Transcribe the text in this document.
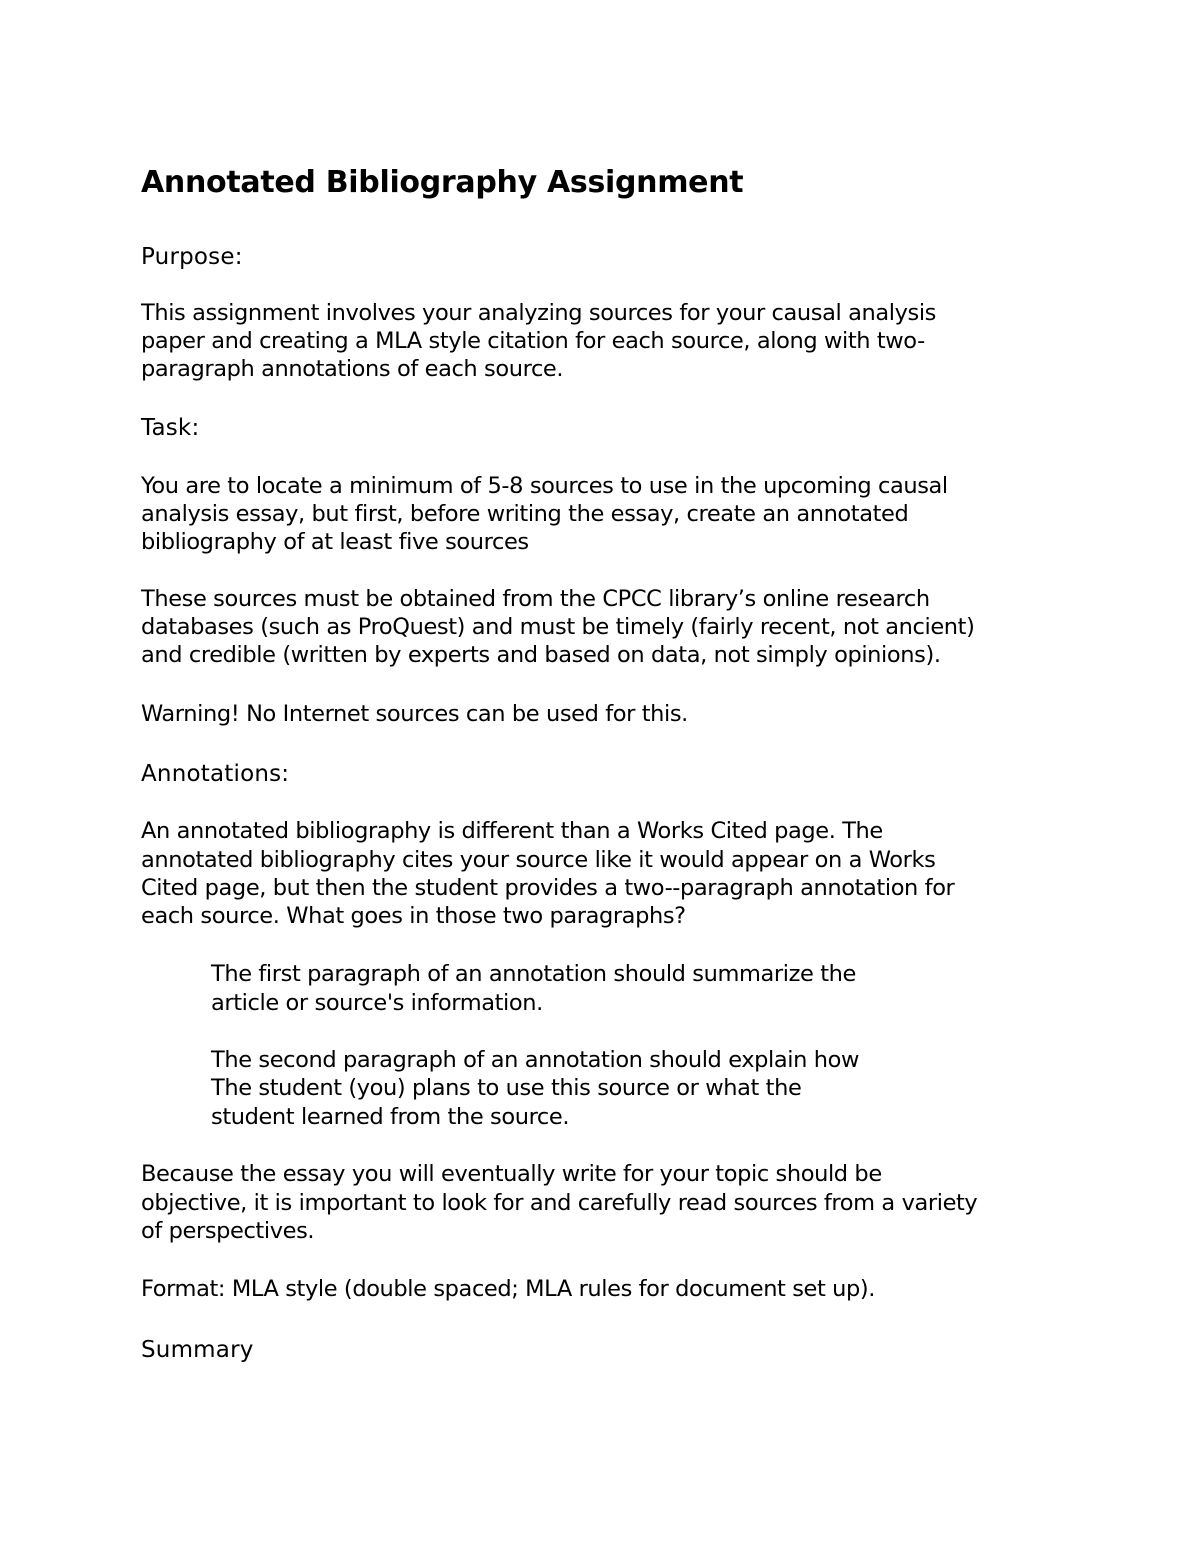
Annotated Bibliography Assignment
Purpose:
This assignment involves your analyzing sources for your causal analysis
paper and creating a MLA style citation for each source, along with two-
paragraph annotations of each source.
Task:
You are to locate a minimum of 5-8 sources to use in the upcoming causal
analysis essay, but first, before writing the essay, create an annotated
bibliography of at least five sources
These sources must be obtained from the CPCC library’s online research
databases (such as ProQuest) and must be timely (fairly recent, not ancient)
and credible (written by experts and based on data, not simply opinions).
Warning! No Internet sources can be used for this.
Annotations:
An annotated bibliography is different than a Works Cited page. The
annotated bibliography cites your source like it would appear on a Works
Cited page, but then the student provides a two--paragraph annotation for
each source. What goes in those two paragraphs?
The first paragraph of an annotation should summarize the
article or source's information.
The second paragraph of an annotation should explain how
The student (you) plans to use this source or what the
student learned from the source.
Because the essay you will eventually write for your topic should be
objective, it is important to look for and carefully read sources from a variety
of perspectives.
Format: MLA style (double spaced; MLA rules for document set up).
Summary
